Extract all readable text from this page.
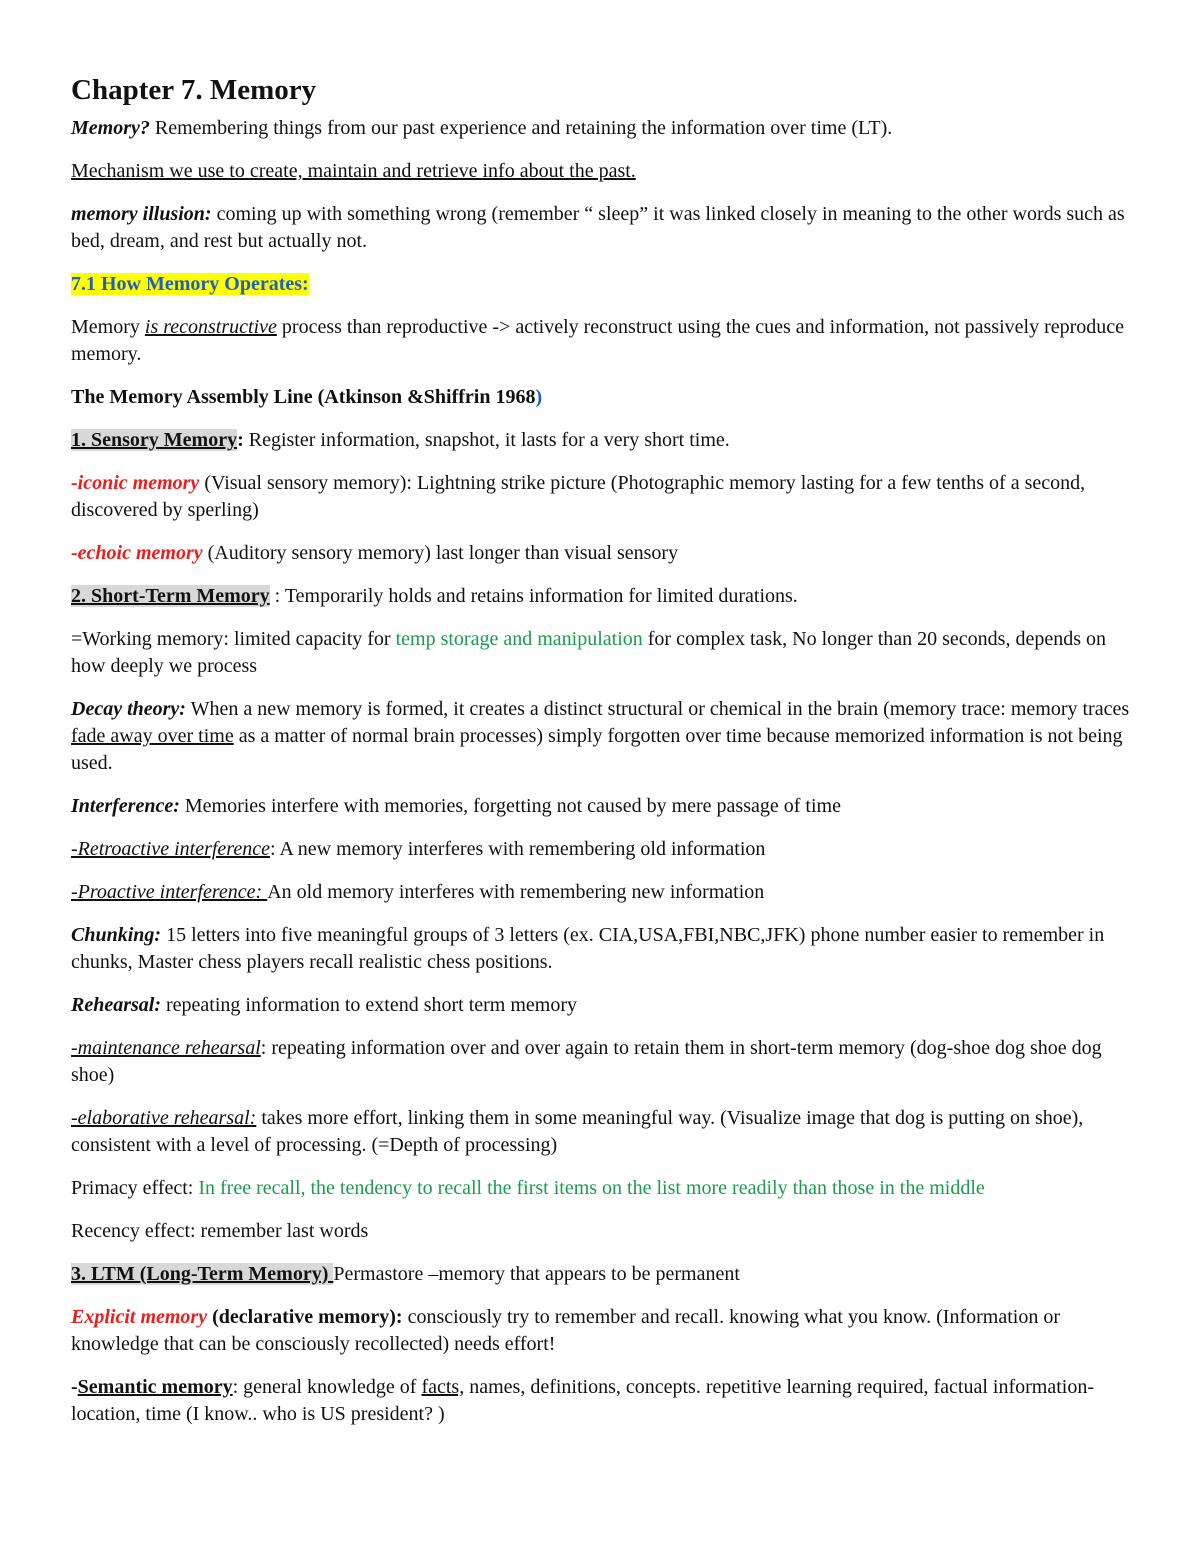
Chapter 7. Memory
Memory? Remembering things from our past experience and retaining the information over time (LT).
Mechanism we use to create, maintain and retrieve info about the past.
memory illusion: coming up with something wrong (remember “ sleep” it was linked closely in meaning to the other words such as bed, dream, and rest but actually not.
7.1 How Memory Operates:
Memory is reconstructive process than reproductive -> actively reconstruct using the cues and information, not passively reproduce memory.
The Memory Assembly Line (Atkinson &Shiffrin 1968)
1. Sensory Memory: Register information, snapshot, it lasts for a very short time.
-iconic memory (Visual sensory memory): Lightning strike picture (Photographic memory lasting for a few tenths of a second, discovered by sperling)
-echoic memory (Auditory sensory memory) last longer than visual sensory
2. Short-Term Memory : Temporarily holds and retains information for limited durations.
=Working memory: limited capacity for temp storage and manipulation for complex task, No longer than 20 seconds, depends on how deeply we process
Decay theory: When a new memory is formed, it creates a distinct structural or chemical in the brain (memory trace: memory traces fade away over time as a matter of normal brain processes) simply forgotten over time because memorized information is not being used.
Interference: Memories interfere with memories, forgetting not caused by mere passage of time
-Retroactive interference: A new memory interferes with remembering old information
-Proactive interference: An old memory interferes with remembering new information
Chunking: 15 letters into five meaningful groups of 3 letters (ex. CIA,USA,FBI,NBC,JFK) phone number easier to remember in chunks, Master chess players recall realistic chess positions.
Rehearsal: repeating information to extend short term memory
-maintenance rehearsal: repeating information over and over again to retain them in short-term memory (dog-shoe dog shoe dog shoe)
-elaborative rehearsal: takes more effort, linking them in some meaningful way. (Visualize image that dog is putting on shoe), consistent with a level of processing. (=Depth of processing)
Primacy effect: In free recall, the tendency to recall the first items on the list more readily than those in the middle
Recency effect: remember last words
3. LTM (Long-Term Memory) Permastore –memory that appears to be permanent
Explicit memory (declarative memory): consciously try to remember and recall. knowing what you know. (Information or knowledge that can be consciously recollected) needs effort!
-Semantic memory: general knowledge of facts, names, definitions, concepts. repetitive learning required, factual information-location, time (I know.. who is US president? )
